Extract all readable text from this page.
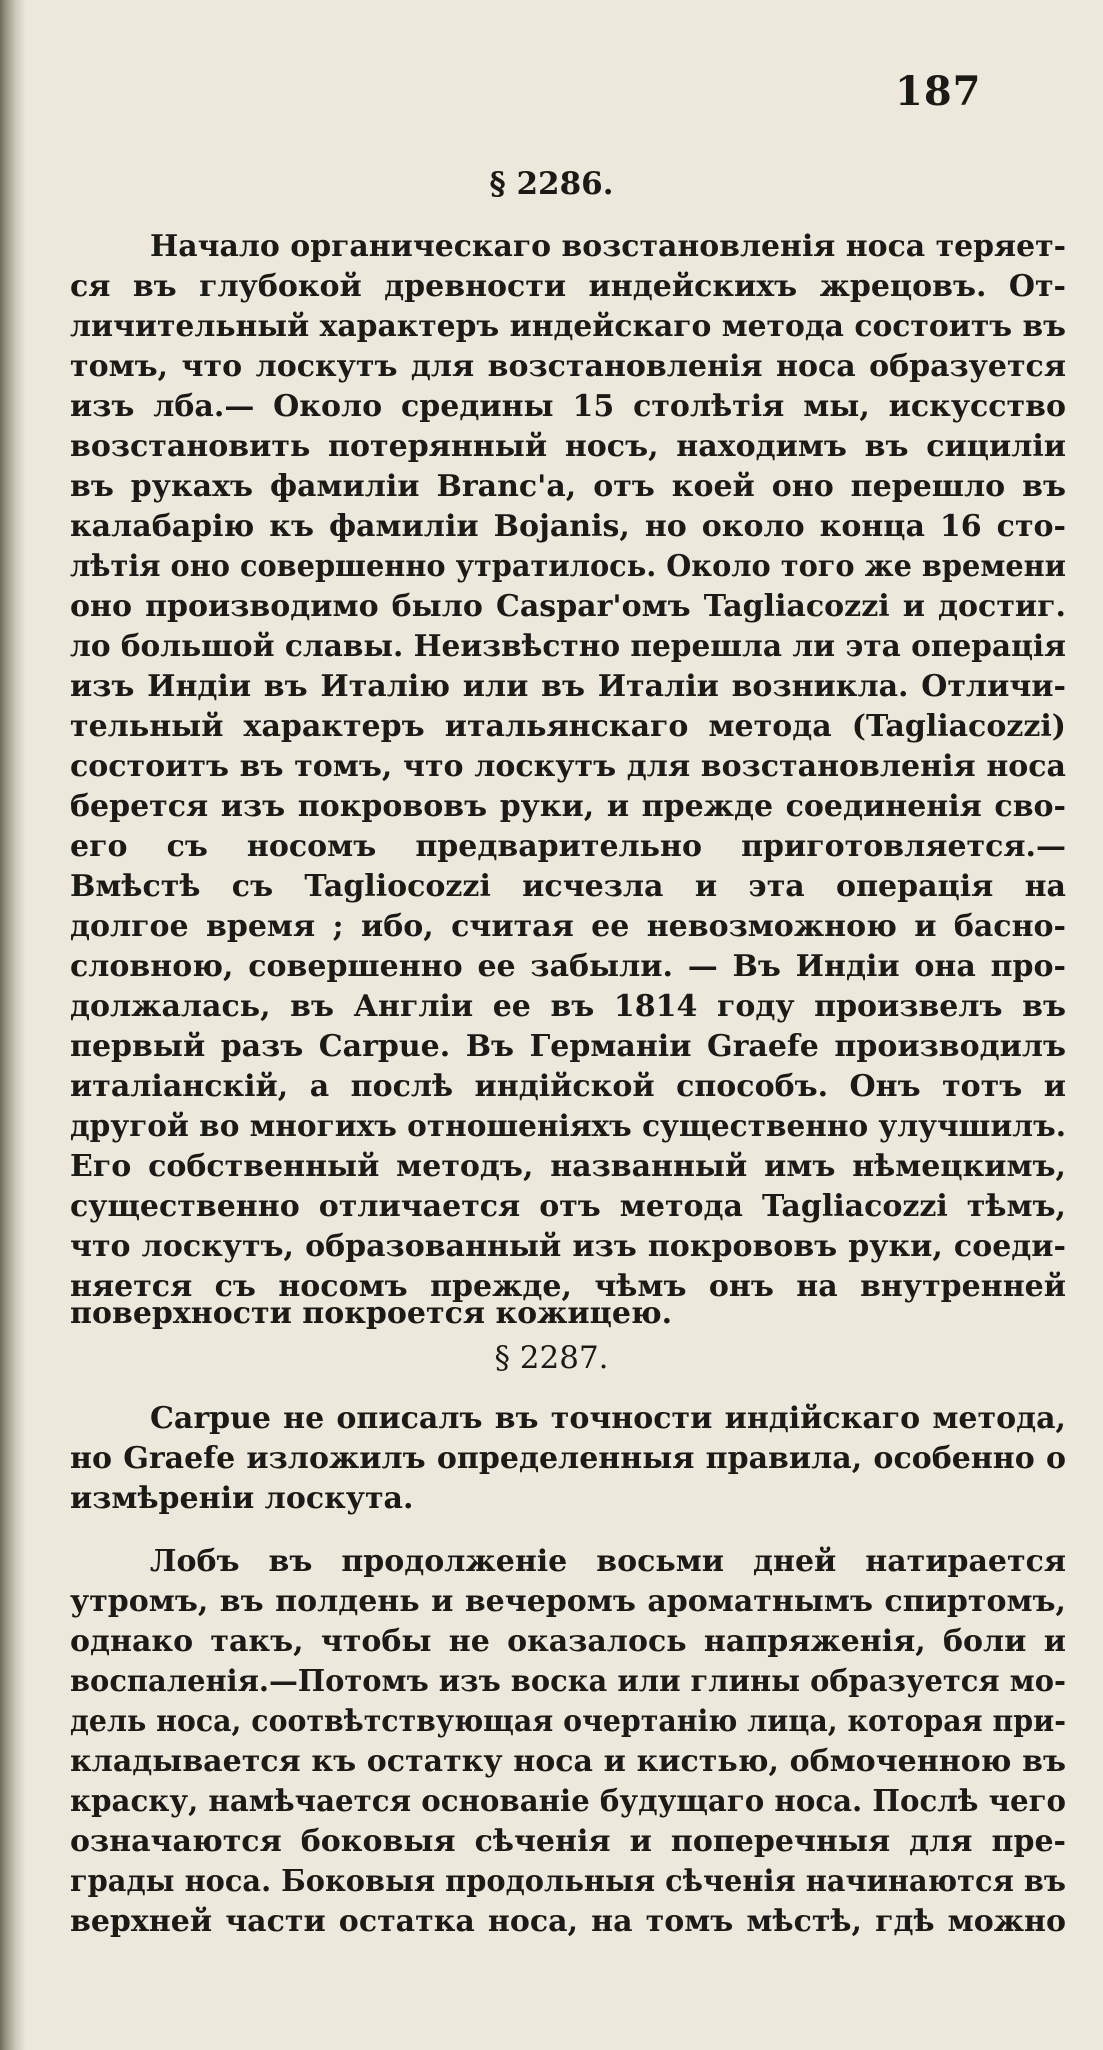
187
§ 2286.
Начало органическаго возстановленія носа теряет-
ся въ глубокой древности индейскихъ жрецовъ. От-
личительный характеръ индейскаго метода состоитъ въ
томъ, что лоскутъ для возстановленія носа образуется
изъ лба.— Около средины 15 столѣтія мы, искусство
возстановить потерянный носъ, находимъ въ сицилiи
въ рукахъ фамиліи Branc'a, отъ коей оно перешло въ
калабарію къ фамиліи Bojanis, но около конца 16 сто-
лѣтія оно совершенно утратилось. Около того же времени
оно производимо было Caspar'омъ Tagliacozzi и достиг.
ло большой славы. Неизвѣстно перешла ли эта операція
изъ Индіи въ Италію или въ Италіи возникла. Отличи-
тельный характеръ итальянскаго метода (Tagliacozzi)
состоитъ въ томъ, что лоскутъ для возстановленія носа
берется изъ покрововъ руки, и прежде соединенія сво-
его съ носомъ предварительно приготовляется.—
Вмѣстѣ съ Tagliocozzi исчезла и эта операція на
долгое время ; ибо, считая ее невозможною и басно-
словною, совершенно ее забыли. — Въ Индіи она про-
должалась, въ Англіи ее въ 1814 году произвелъ въ
первый разъ Carpue. Въ Германіи Graefe производилъ
италіанскій, а послѣ индійской способъ. Онъ тотъ и
другой во многихъ отношеніяхъ существенно улучшилъ.
Его собственный методъ, названный имъ нѣмецкимъ,
существенно отличается отъ метода Tagliacozzi тѣмъ,
что лоскутъ, образованный изъ покрововъ руки, соеди-
няется съ носомъ прежде, чѣмъ онъ на внутренней
поверхности покроется кожицею.
§ 2287.
Carpue не описалъ въ точности индійскаго метода,
но Graefe изложилъ определенныя правила, особенно о
измѣреніи лоскута.
Лобъ въ продолженіе восьми дней натирается
утромъ, въ полдень и вечеромъ ароматнымъ спиртомъ,
однако такъ, чтобы не оказалось напряженія, боли и
воспаленія.—Потомъ изъ воска или глины образуется мо-
дель носа, соотвѣтствующая очертанію лица, которая при-
кладывается къ остатку носа и кистью, обмоченною въ
краску, намѣчается основаніе будущаго носа. Послѣ чего
означаются боковыя сѣченія и поперечныя для пре-
грады носа. Боковыя продольныя сѣченія начинаются въ
верхней части остатка носа, на томъ мѣстѣ, гдѣ можно
